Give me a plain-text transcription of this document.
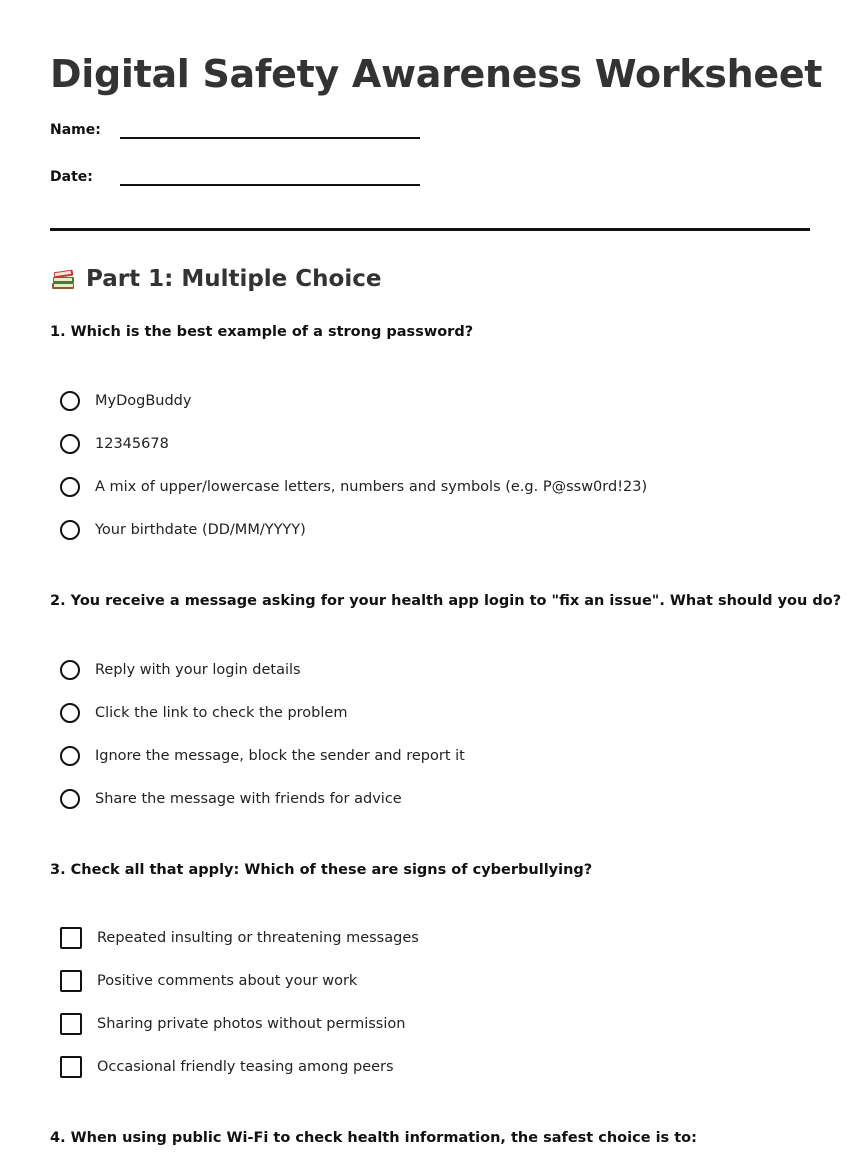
Digital Safety Awareness Worksheet
Name:
Date:
Part 1: Multiple Choice

1. Which is the best example of a strong password?

MyDogBuddy
12345678
A mix of upper/lowercase letters, numbers and symbols (e.g. P@ssw0rd!23)
Your birthdate (DD/MM/YYYY)

2. You receive a message asking for your health app login to "fix an issue". What should you do?

Reply with your login details
Click the link to check the problem
Ignore the message, block the sender and report it
Share the message with friends for advice

3. Check all that apply: Which of these are signs of cyberbullying?

Repeated insulting or threatening messages
Positive comments about your work
Sharing private photos without permission
Occasional friendly teasing among peers

4. When using public Wi-Fi to check health information, the safest choice is to:
